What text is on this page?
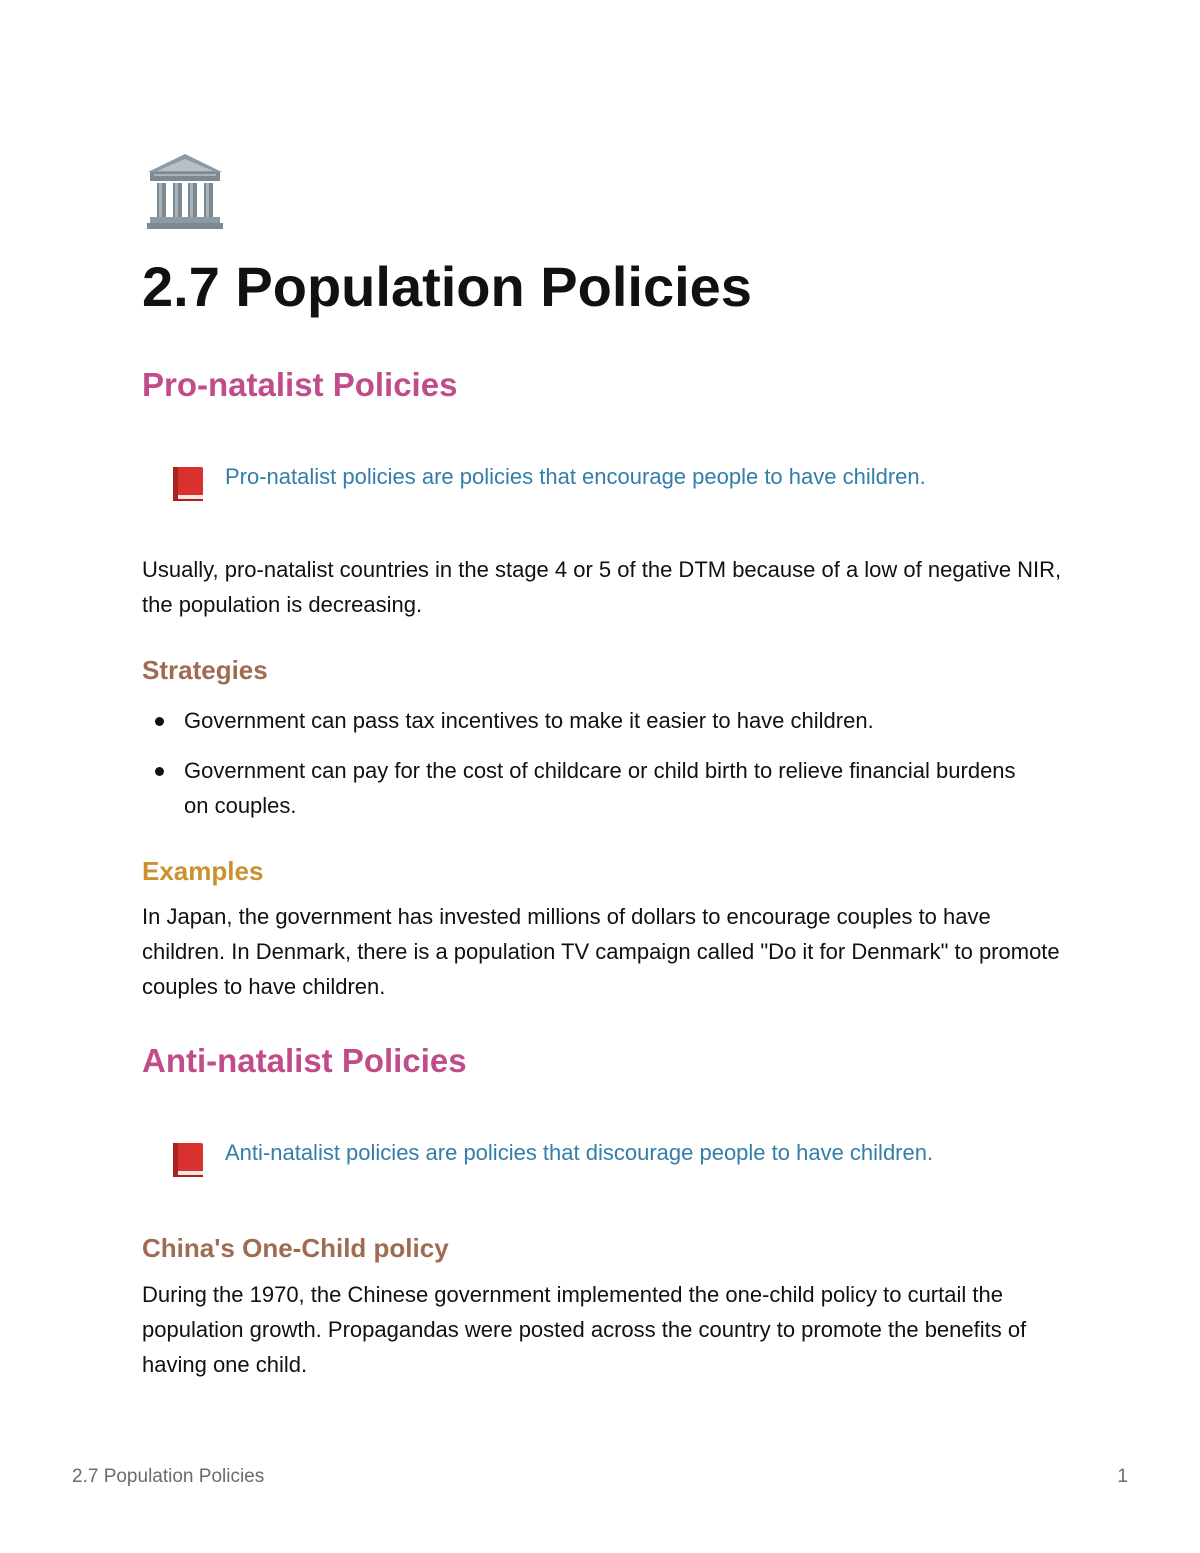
2.7 Population Policies
Pro-natalist Policies
Pro-natalist policies are policies that encourage people to have children.

Usually, pro-natalist countries in the stage 4 or 5 of the DTM because of a low of negative NIR, the population is decreasing.

Strategies
Government can pass tax incentives to make it easier to have children.
Government can pay for the cost of childcare or child birth to relieve financial burdens on couples.
Examples

In Japan, the government has invested millions of dollars to encourage couples to have children. In Denmark, there is a population TV campaign called "Do it for Denmark" to promote couples to have children.

Anti-natalist Policies
Anti-natalist policies are policies that discourage people to have children.
China's One-Child policy

During the 1970, the Chinese government implemented the one-child policy to curtail the population growth. Propagandas were posted across the country to promote the benefits of having one child.

2.7 Population Policies	1
